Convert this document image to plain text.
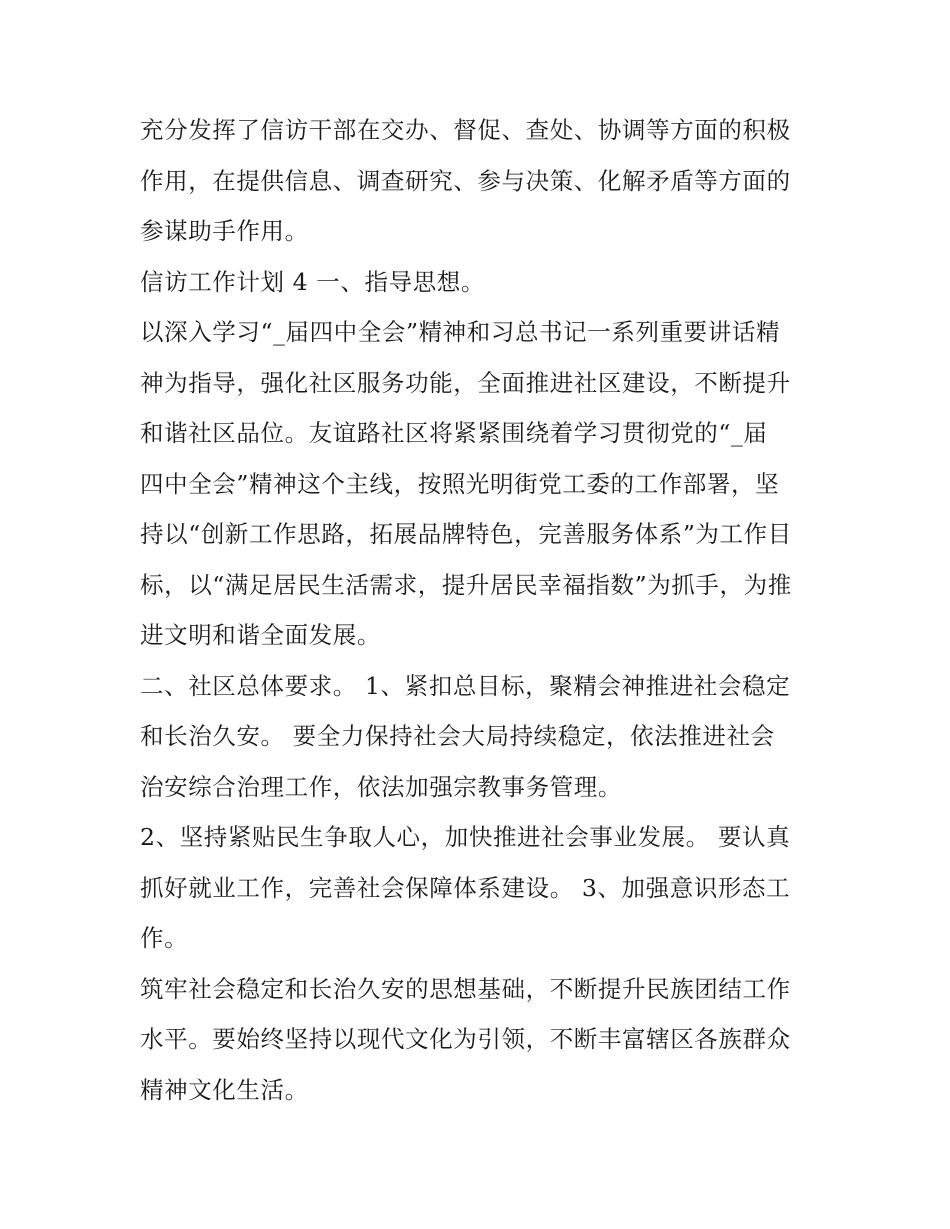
充分发挥了信访干部在交办、督促、查处、协调等方面的积极
作用，在提供信息、调查研究、参与决策、化解矛盾等方面的
参谋助手作用。
信访工作计划 4 一、指导思想。
以深入学习“_届四中全会”精神和习总书记一系列重要讲话精
神为指导，强化社区服务功能，全面推进社区建设，不断提升
和谐社区品位。友谊路社区将紧紧围绕着学习贯彻党的“_届
四中全会”精神这个主线，按照光明街党工委的工作部署，坚
持以“创新工作思路，拓展品牌特色，完善服务体系”为工作目
标，以“满足居民生活需求，提升居民幸福指数”为抓手，为推
进文明和谐全面发展。
二、社区总体要求。 1、紧扣总目标，聚精会神推进社会稳定
和长治久安。 要全力保持社会大局持续稳定，依法推进社会
治安综合治理工作，依法加强宗教事务管理。
2、坚持紧贴民生争取人心，加快推进社会事业发展。 要认真
抓好就业工作，完善社会保障体系建设。 3、加强意识形态工
作。
筑牢社会稳定和长治久安的思想基础，不断提升民族团结工作
水平。要始终坚持以现代文化为引领，不断丰富辖区各族群众
精神文化生活。
